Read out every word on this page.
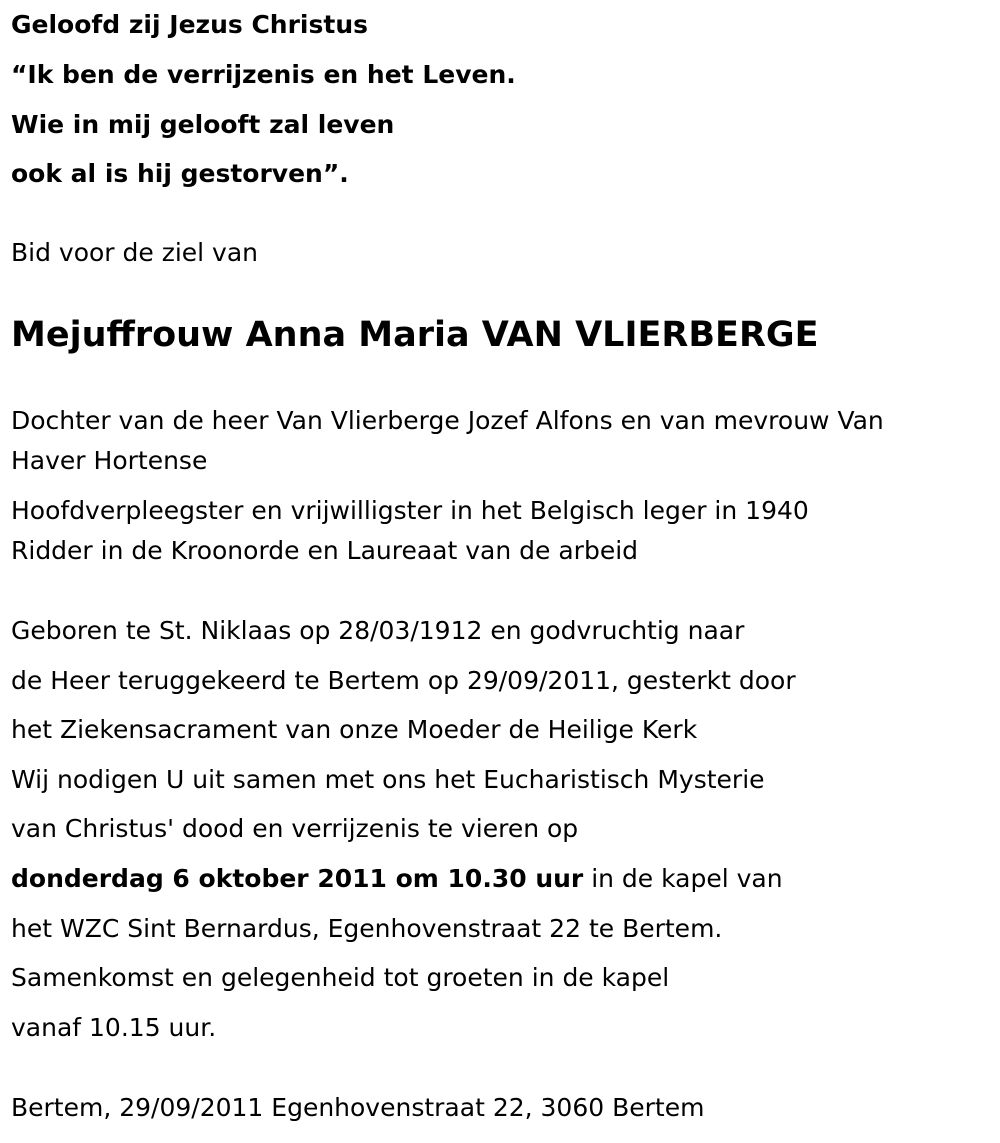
Geloofd zij Jezus Christus
“Ik ben de verrijzenis en het Leven.
Wie in mij gelooft zal leven
ook al is hij gestorven”.
Bid voor de ziel van
Mejuffrouw Anna Maria VAN VLIERBERGE
Dochter van de heer Van Vlierberge Jozef Alfons en van mevrouw Van
Haver Hortense
Hoofdverpleegster en vrijwilligster in het Belgisch leger in 1940
Ridder in de Kroonorde en Laureaat van de arbeid
Geboren te St. Niklaas op 28/03/1912 en godvruchtig naar
de Heer teruggekeerd te Bertem op 29/09/2011, gesterkt door
het Ziekensacrament van onze Moeder de Heilige Kerk
Wij nodigen U uit samen met ons het Eucharistisch Mysterie
van Christus' dood en verrijzenis te vieren op
donderdag 6 oktober 2011 om 10.30 uur in de kapel van
het WZC Sint Bernardus, Egenhovenstraat 22 te Bertem.
Samenkomst en gelegenheid tot groeten in de kapel
vanaf 10.15 uur.
Bertem, 29/09/2011 Egenhovenstraat 22, 3060 Bertem
